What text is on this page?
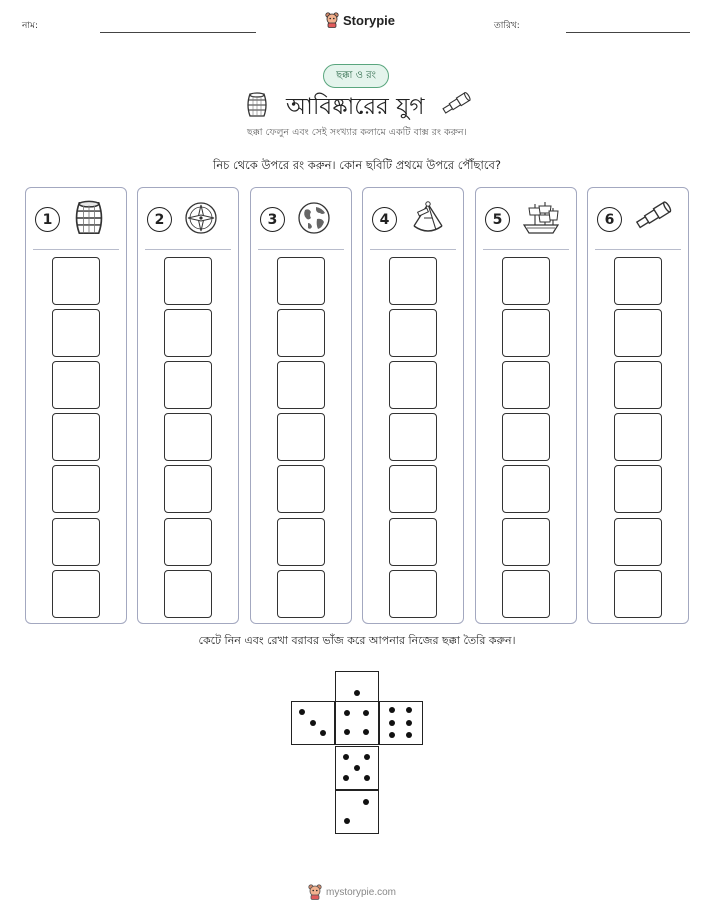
নাম:	Storypie	তারিখ:
ছক্কা ও রং
আবিষ্কারের যুগ
ছক্কা ফেলুন এবং সেই সংখ্যার কলামে একটি বাক্স রং করুন।
নিচ থেকে উপরে রং করুন। কোন ছবিটি প্রথমে উপরে পৌঁছাবে?
1	2	3	4	5	6
কেটে নিন এবং রেখা বরাবর ভাঁজ করে আপনার নিজের ছক্কা তৈরি করুন।
mystorypie.com
